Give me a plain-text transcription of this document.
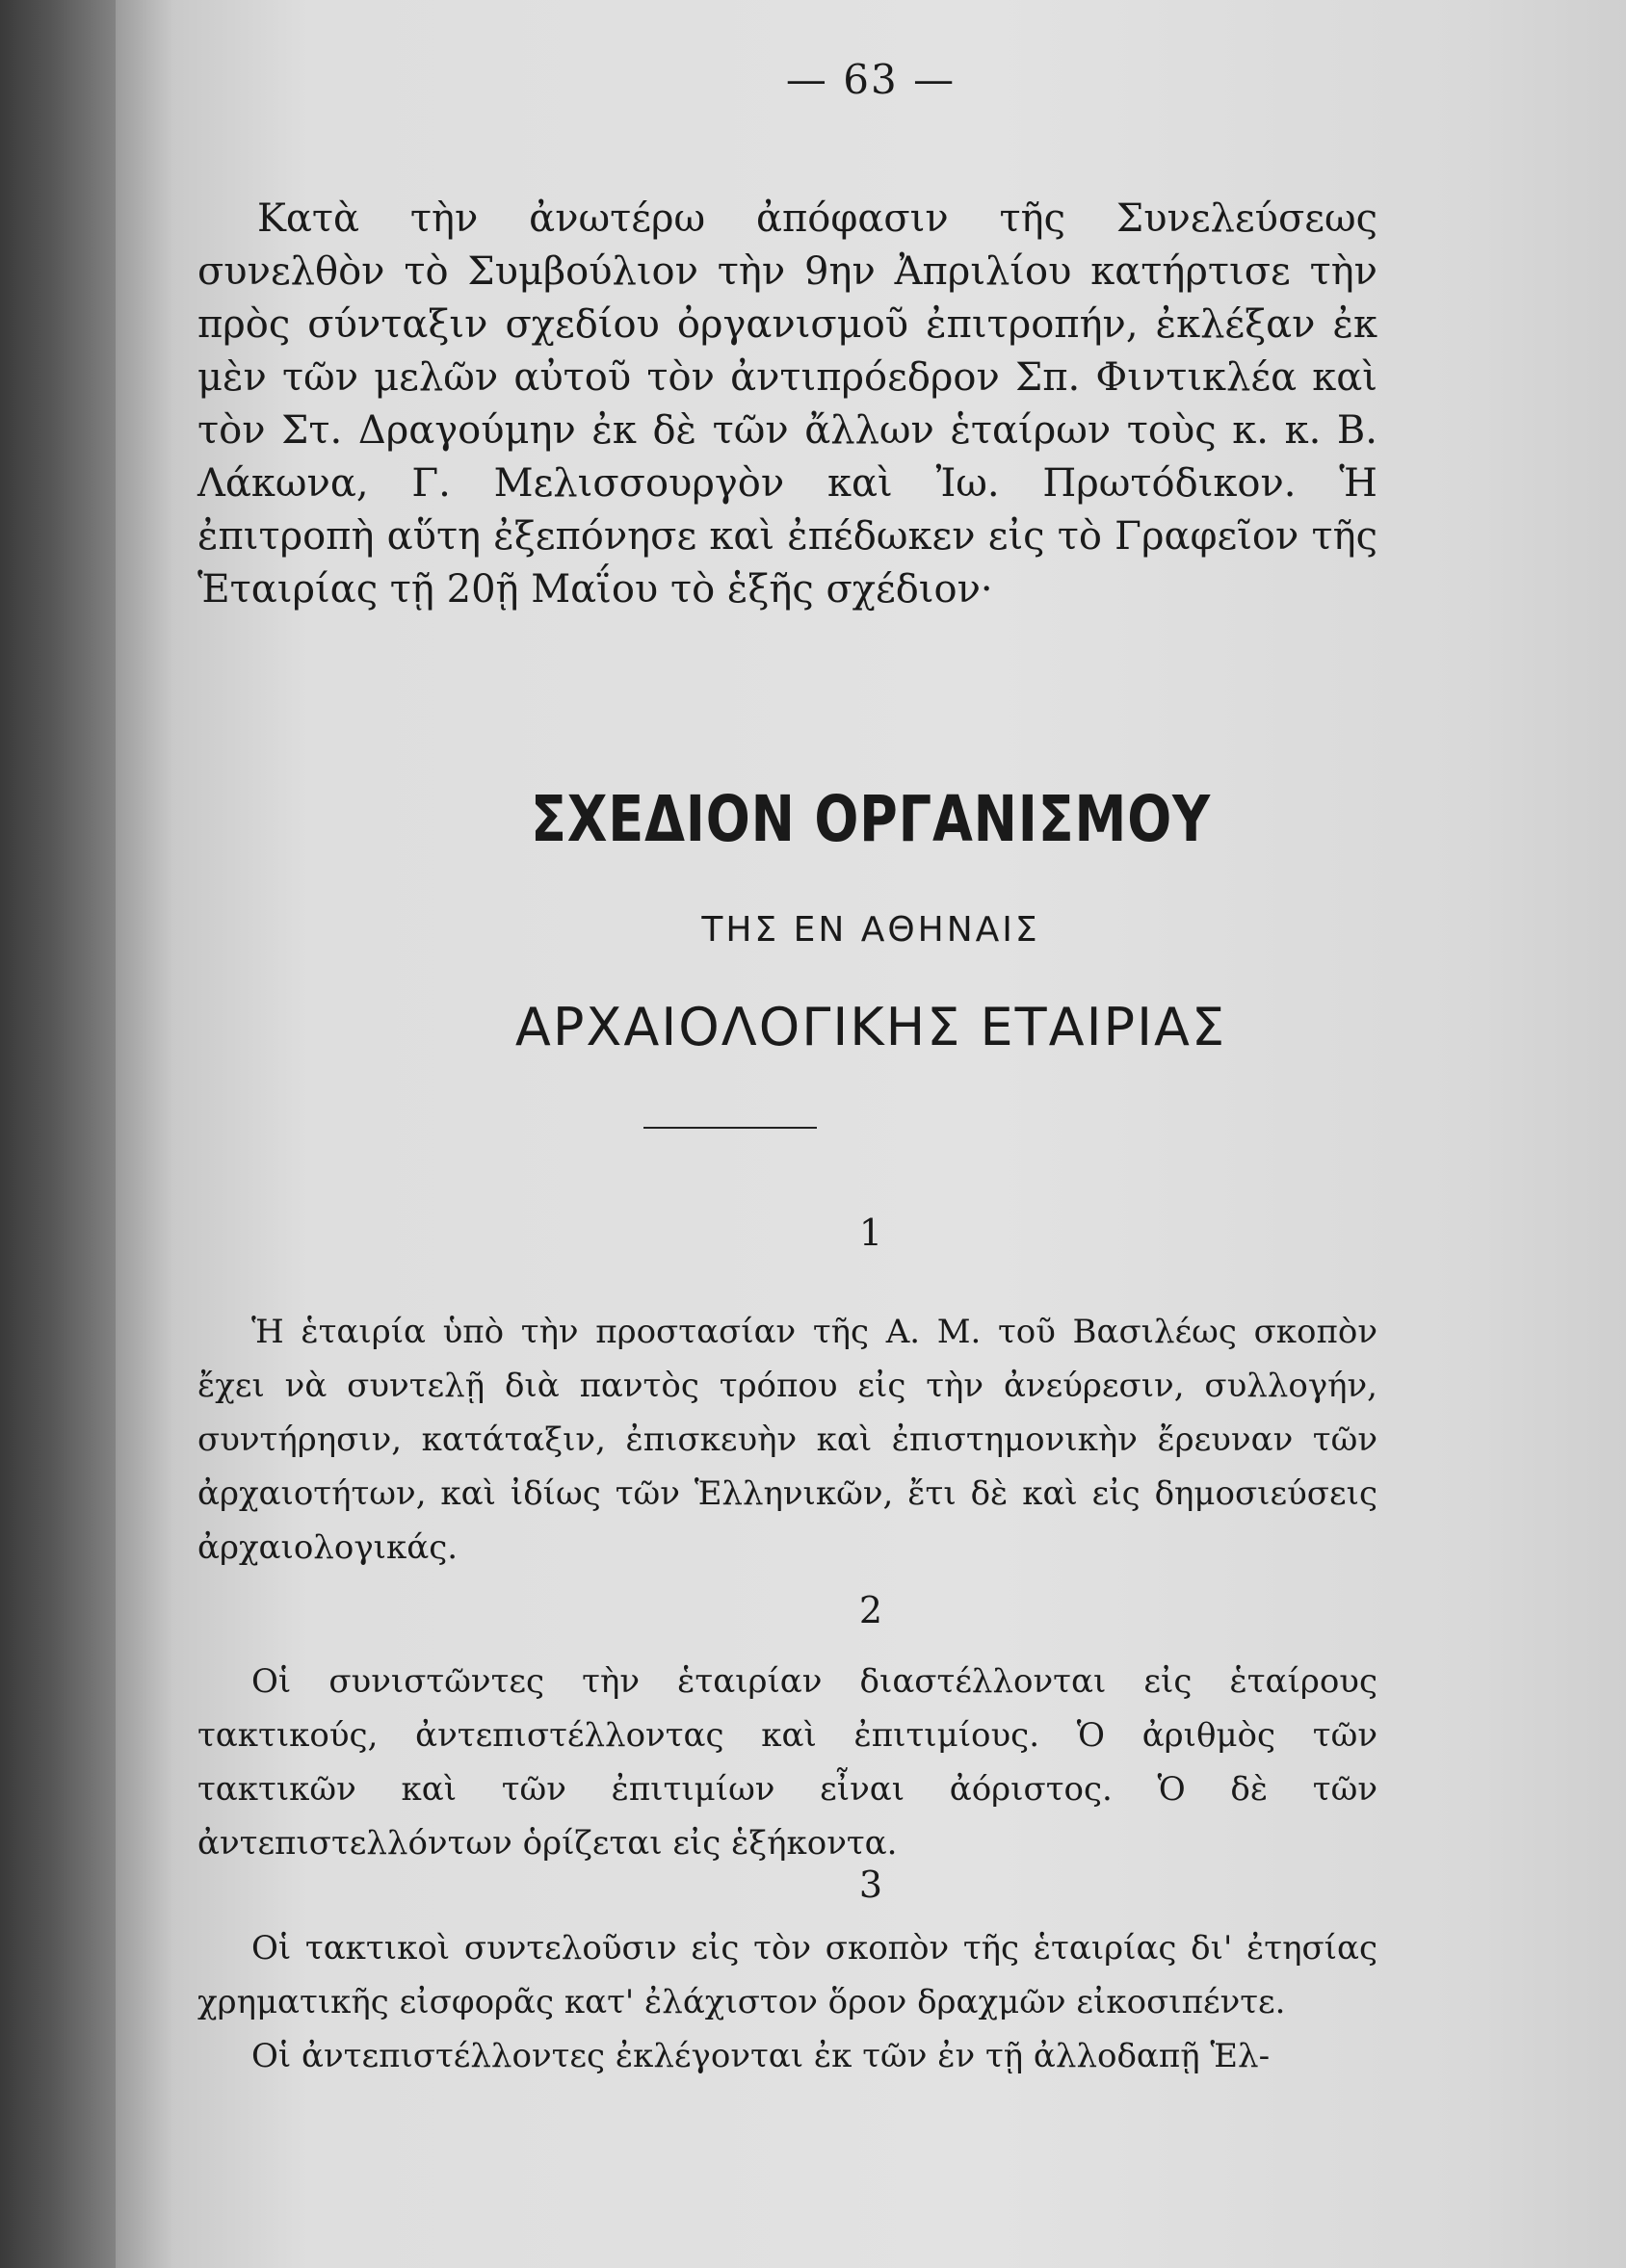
— 63 —

Κατὰ τὴν ἀνωτέρω ἀπόφασιν τῆς Συνελεύσεως συνελθὸν τὸ Συμβούλιον τὴν 9ην Ἀπριλίου κατήρτισε τὴν πρὸς σύνταξιν σχεδίου ὀργανισμοῦ ἐπιτροπήν, ἐκλέξαν ἐκ μὲν τῶν μελῶν αὐτοῦ τὸν ἀντιπρόεδρον Σπ. Φιντικλέα καὶ τὸν Στ. Δραγούμην ἐκ δὲ τῶν ἄλλων ἑταίρων τοὺς κ. κ. Β. Λάκωνα, Γ. Μελισσουργὸν καὶ Ἰω. Πρωτόδικον. Ἡ ἐπιτροπὴ αὕτη ἐξεπόνησε καὶ ἐπέδωκεν εἰς τὸ Γραφεῖον τῆς Ἑταιρίας τῇ 20ῇ Μαΐου τὸ ἑξῆς σχέδιον·

ΣΧΕΔΙΟΝ ΟΡΓΑΝΙΣΜΟΥ
ΤΗΣ ΕΝ ΑΘΗΝΑΙΣ
ΑΡΧΑΙΟΛΟΓΙΚΗΣ ΕΤΑΙΡΙΑΣ
1

Ἡ ἑταιρία ὑπὸ τὴν προστασίαν τῆς Α. Μ. τοῦ Βασιλέως σκοπὸν ἔχει νὰ συντελῇ διὰ παντὸς τρόπου εἰς τὴν ἀνεύρεσιν, συλλογήν, συντήρησιν, κατάταξιν, ἐπισκευὴν καὶ ἐπιστημονικὴν ἔρευναν τῶν ἀρχαιοτήτων, καὶ ἰδίως τῶν Ἑλληνικῶν, ἔτι δὲ καὶ εἰς δημοσιεύσεις ἀρχαιολογικάς.

2

Οἱ συνιστῶντες τὴν ἑταιρίαν διαστέλλονται εἰς ἑταίρους τακτικούς, ἀντεπιστέλλοντας καὶ ἐπιτιμίους. Ὁ ἀριθμὸς τῶν τακτικῶν καὶ τῶν ἐπιτιμίων εἶναι ἀόριστος. Ὁ δὲ τῶν ἀντεπιστελλόντων ὁρίζεται εἰς ἑξήκοντα.

3

Οἱ τακτικοὶ συντελοῦσιν εἰς τὸν σκοπὸν τῆς ἑταιρίας δι' ἐτησίας χρηματικῆς εἰσφορᾶς κατ' ἐλάχιστον ὅρον δραχμῶν εἰκοσιπέντε.

Οἱ ἀντεπιστέλλοντες ἐκλέγονται ἐκ τῶν ἐν τῇ ἀλλοδαπῇ Ἑλ-
